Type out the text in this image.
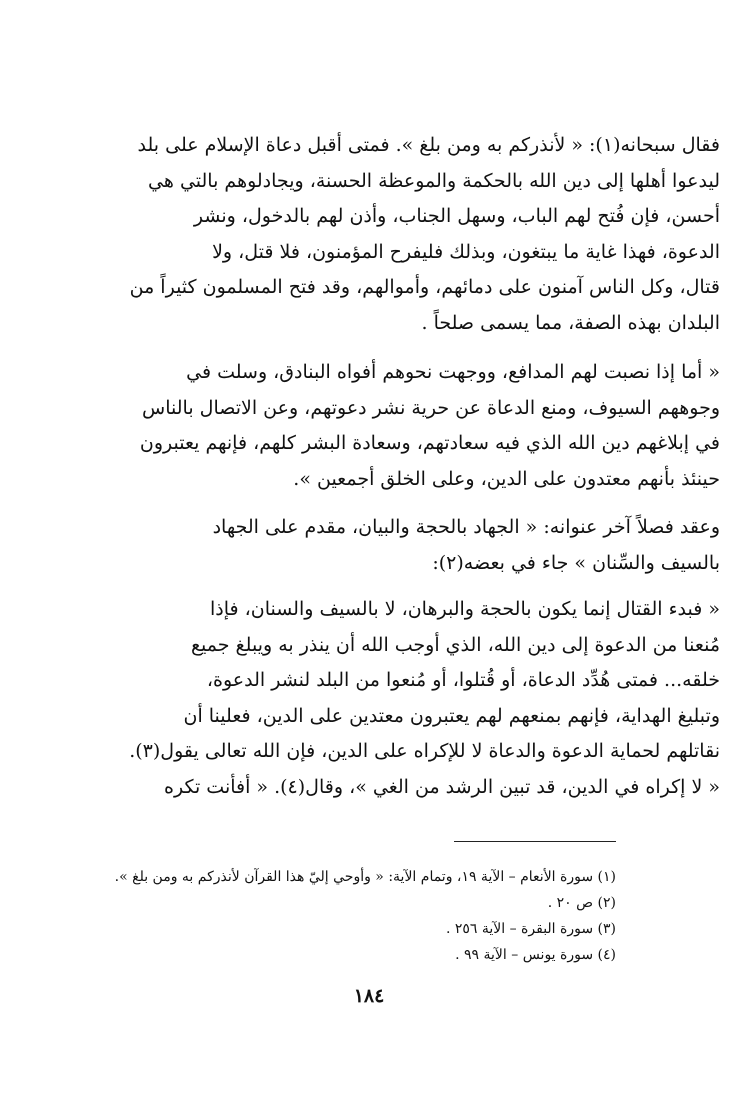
فقال سبحانه(١): « لأنذركم به ومن بلغ ». فمتى أقبل دعاة الإسلام على بلد
ليدعوا أهلها إلى دين الله بالحكمة والموعظة الحسنة، ويجادلوهم بالتي هي
أحسن، فإن فُتح لهم الباب، وسهل الجناب، وأذن لهم بالدخول، ونشر
الدعوة، فهذا غاية ما يبتغون، وبذلك فليفرح المؤمنون، فلا قتل، ولا
قتال، وكل الناس آمنون على دمائهم، وأموالهم، وقد فتح المسلمون كثيراً من
البلدان بهذه الصفة، مما يسمى صلحاً .

« أما إذا نصبت لهم المدافع، ووجهت نحوهم أفواه البنادق، وسلت في
وجوههم السيوف، ومنع الدعاة عن حرية نشر دعوتهم، وعن الاتصال بالناس
في إبلاغهم دين الله الذي فيه سعادتهم، وسعادة البشر كلهم، فإنهم يعتبرون
حينئذ بأنهم معتدون على الدين، وعلى الخلق أجمعين ».

وعقد فصلاً آخر عنوانه: « الجهاد بالحجة والبيان، مقدم على الجهاد
بالسيف والسِّنان » جاء في بعضه(٢):

« فبدء القتال إنما يكون بالحجة والبرهان، لا بالسيف والسنان، فإذا
مُنعنا من الدعوة إلى دين الله، الذي أوجب الله أن ينذر به ويبلغ جميع
خلقه... فمتى هُدِّد الدعاة، أو قُتلوا، أو مُنعوا من البلد لنشر الدعوة،
وتبليغ الهداية، فإنهم بمنعهم لهم يعتبرون معتدين على الدين، فعلينا أن
نقاتلهم لحماية الدعوة والدعاة لا للإكراه على الدين، فإن الله تعالى يقول(٣).
« لا إكراه في الدين، قد تبين الرشد من الغي »، وقال(٤). « أفأنت تكره

(١) سورة الأنعام – الآية ١٩، وتمام الآية: « وأوحي إليّ هذا القرآن لأنذركم به ومن بلغ ».
(٢) ص ٢٠ .
(٣) سورة البقرة – الآية ٢٥٦ .
(٤) سورة يونس – الآية ٩٩ .
١٨٤
